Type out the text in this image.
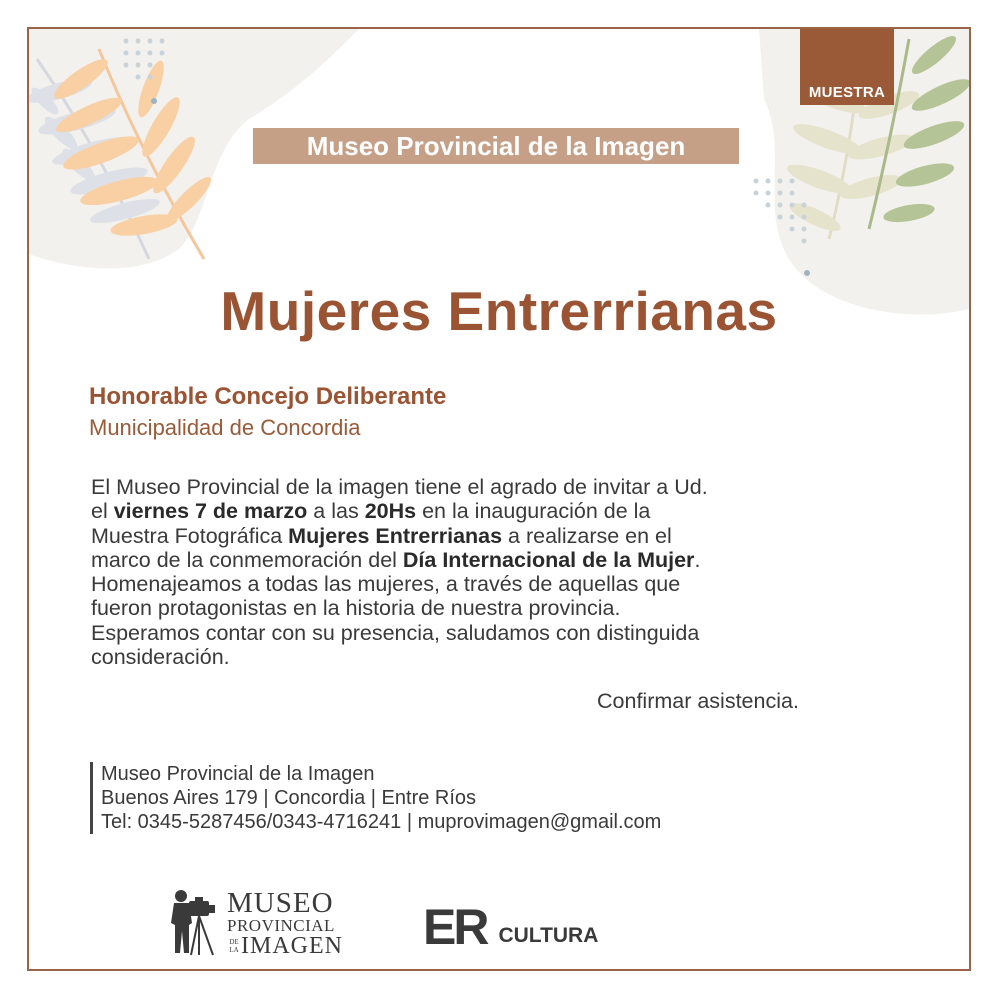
MUESTRA
Museo Provincial de la Imagen
Mujeres Entrerrianas
Honorable Concejo Deliberante
Municipalidad de Concordia
El Museo Provincial de la imagen tiene el agrado de invitar a Ud.
el viernes 7 de marzo a las 20Hs en la inauguración de la
Muestra Fotográfica Mujeres Entrerrianas a realizarse en el
marco de la conmemoración del Día Internacional de la Mujer.
Homenajeamos a todas las mujeres, a través de aquellas que
fueron protagonistas en la historia de nuestra provincia.
Esperamos contar con su presencia, saludamos con distinguida
consideración.
Confirmar asistencia.
Museo Provincial de la Imagen
Buenos Aires 179 | Concordia | Entre Ríos
Tel: 0345-5287456/0343-4716241 | muprovimagen@gmail.com
MUSEO
PROVINCIAL
DE
LA IMAGEN ER CULTURA
